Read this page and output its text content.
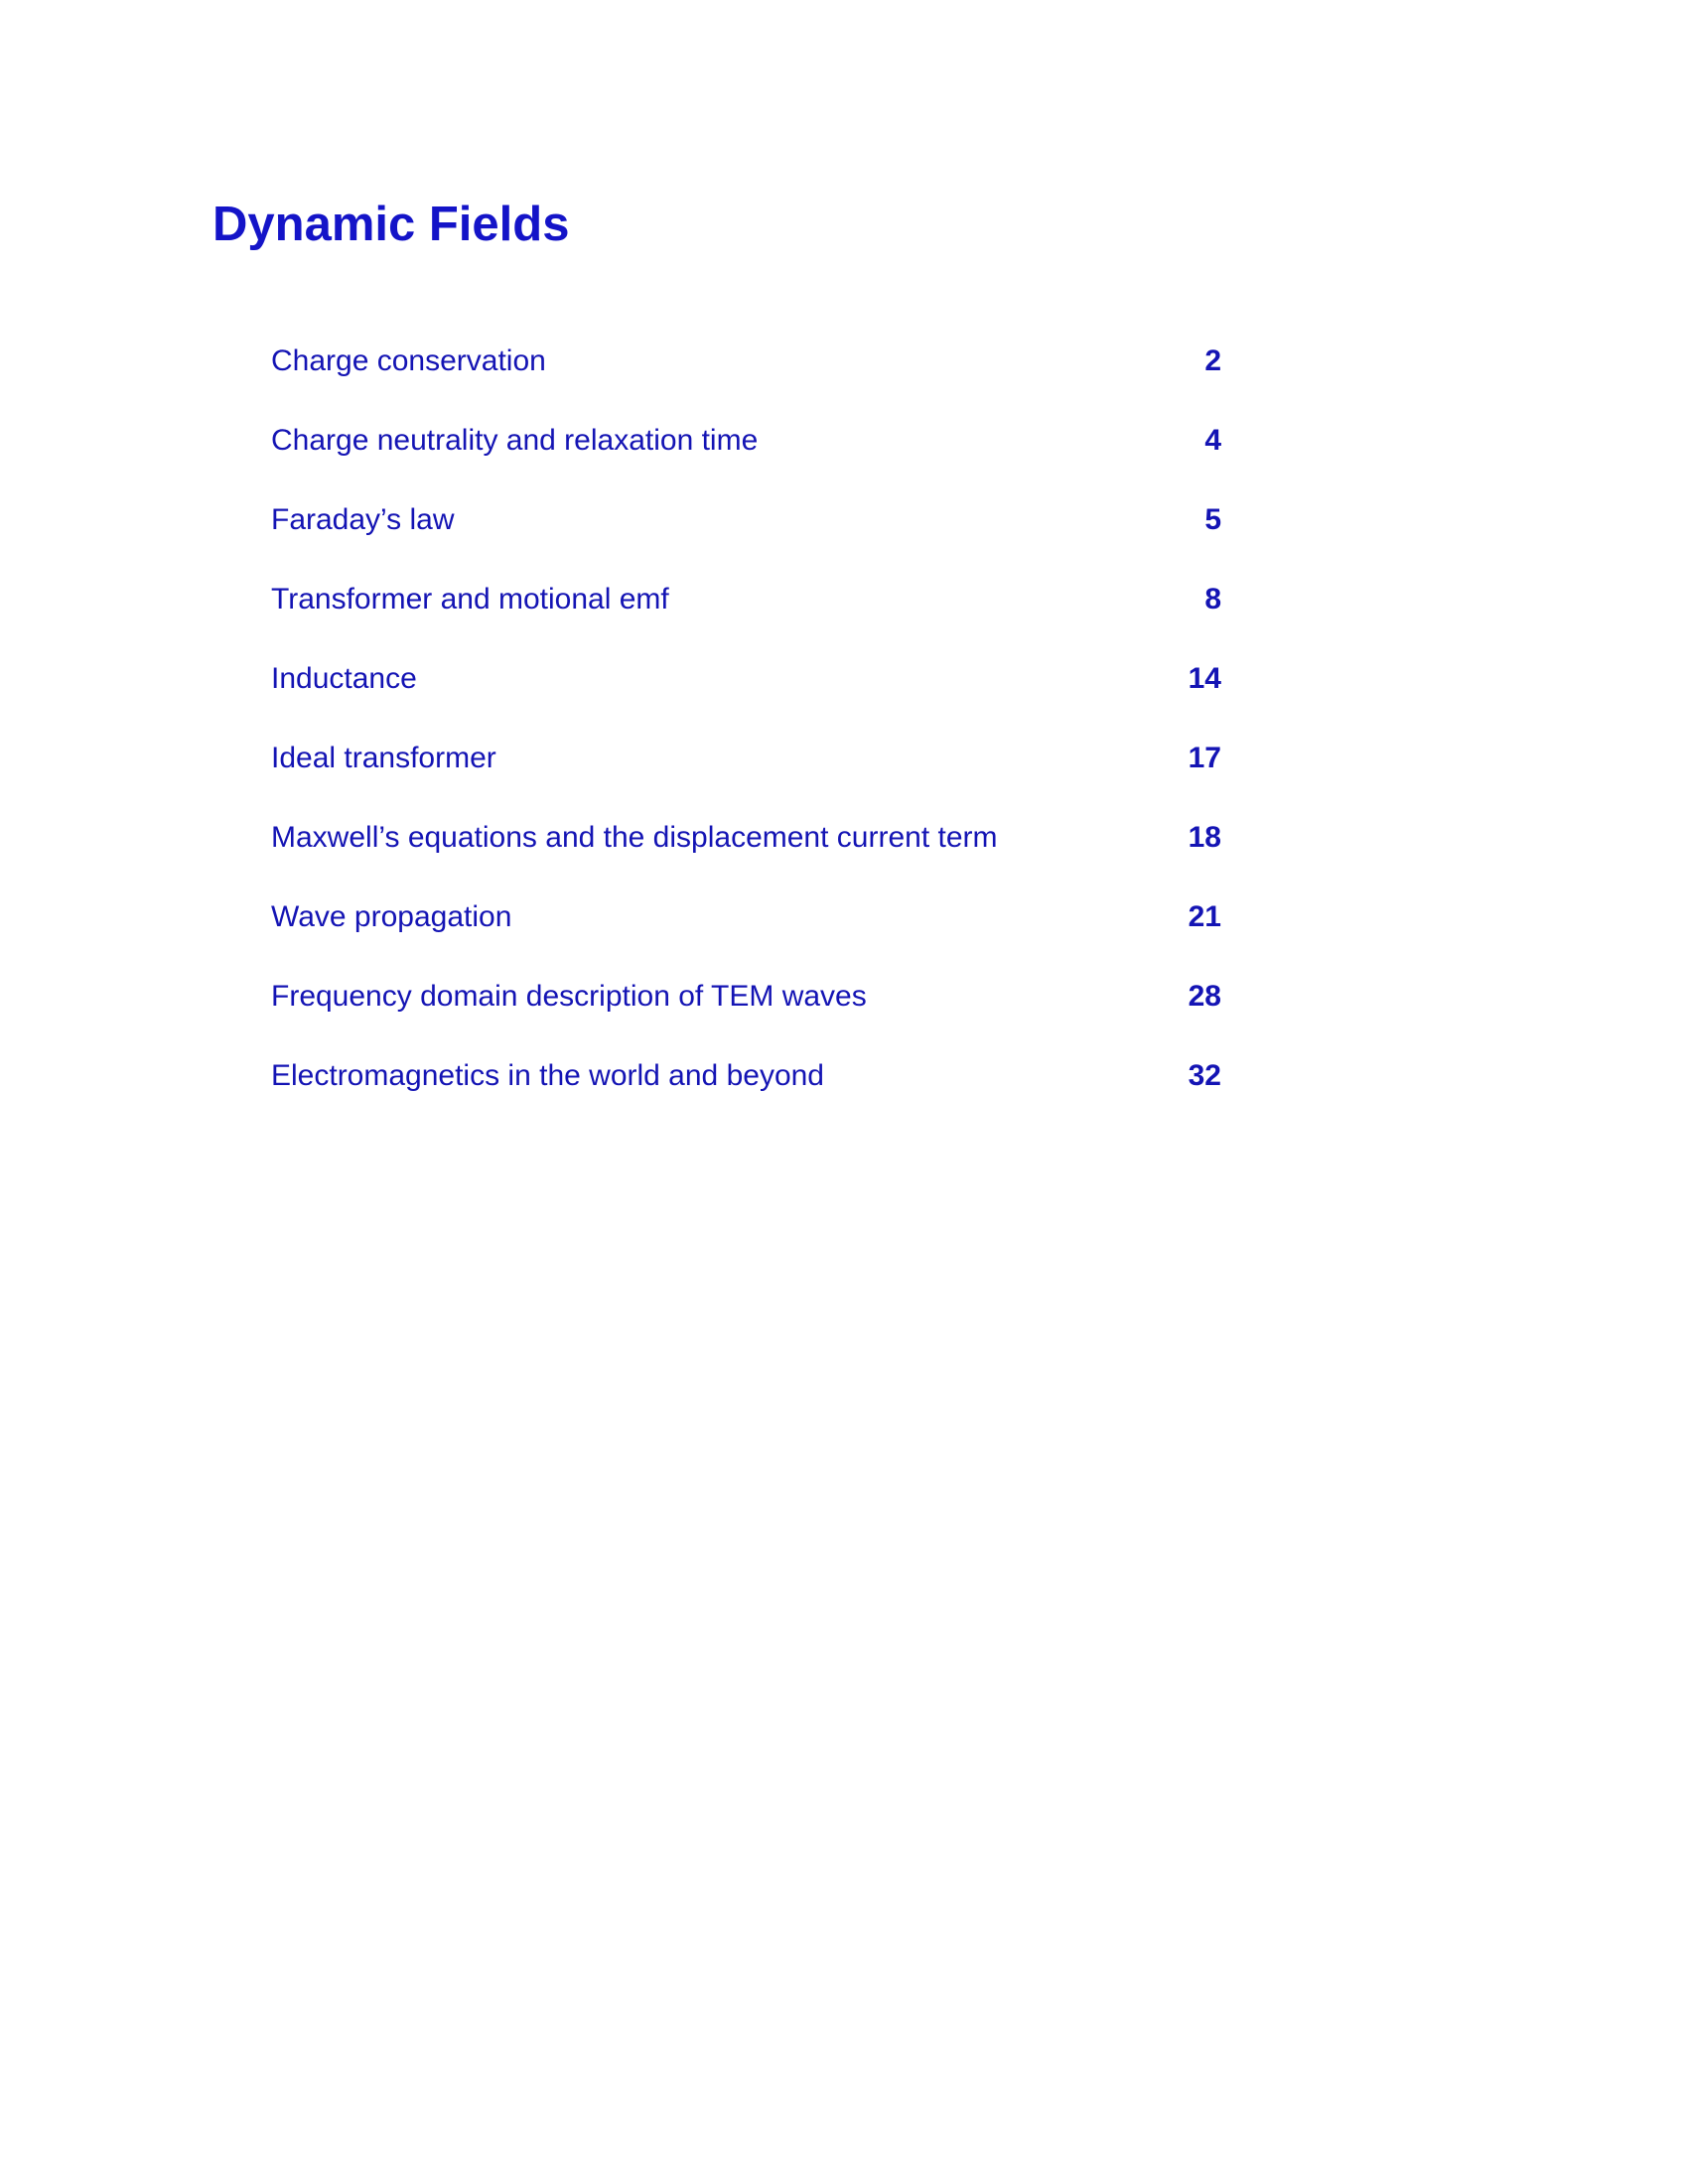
Dynamic Fields
Charge conservation	2
Charge neutrality and relaxation time	4
Faraday’s law	5
Transformer and motional emf	8
Inductance	14
Ideal transformer	17
Maxwell’s equations and the displacement current term	18
Wave propagation	21
Frequency domain description of TEM waves	28
Electromagnetics in the world and beyond	32
